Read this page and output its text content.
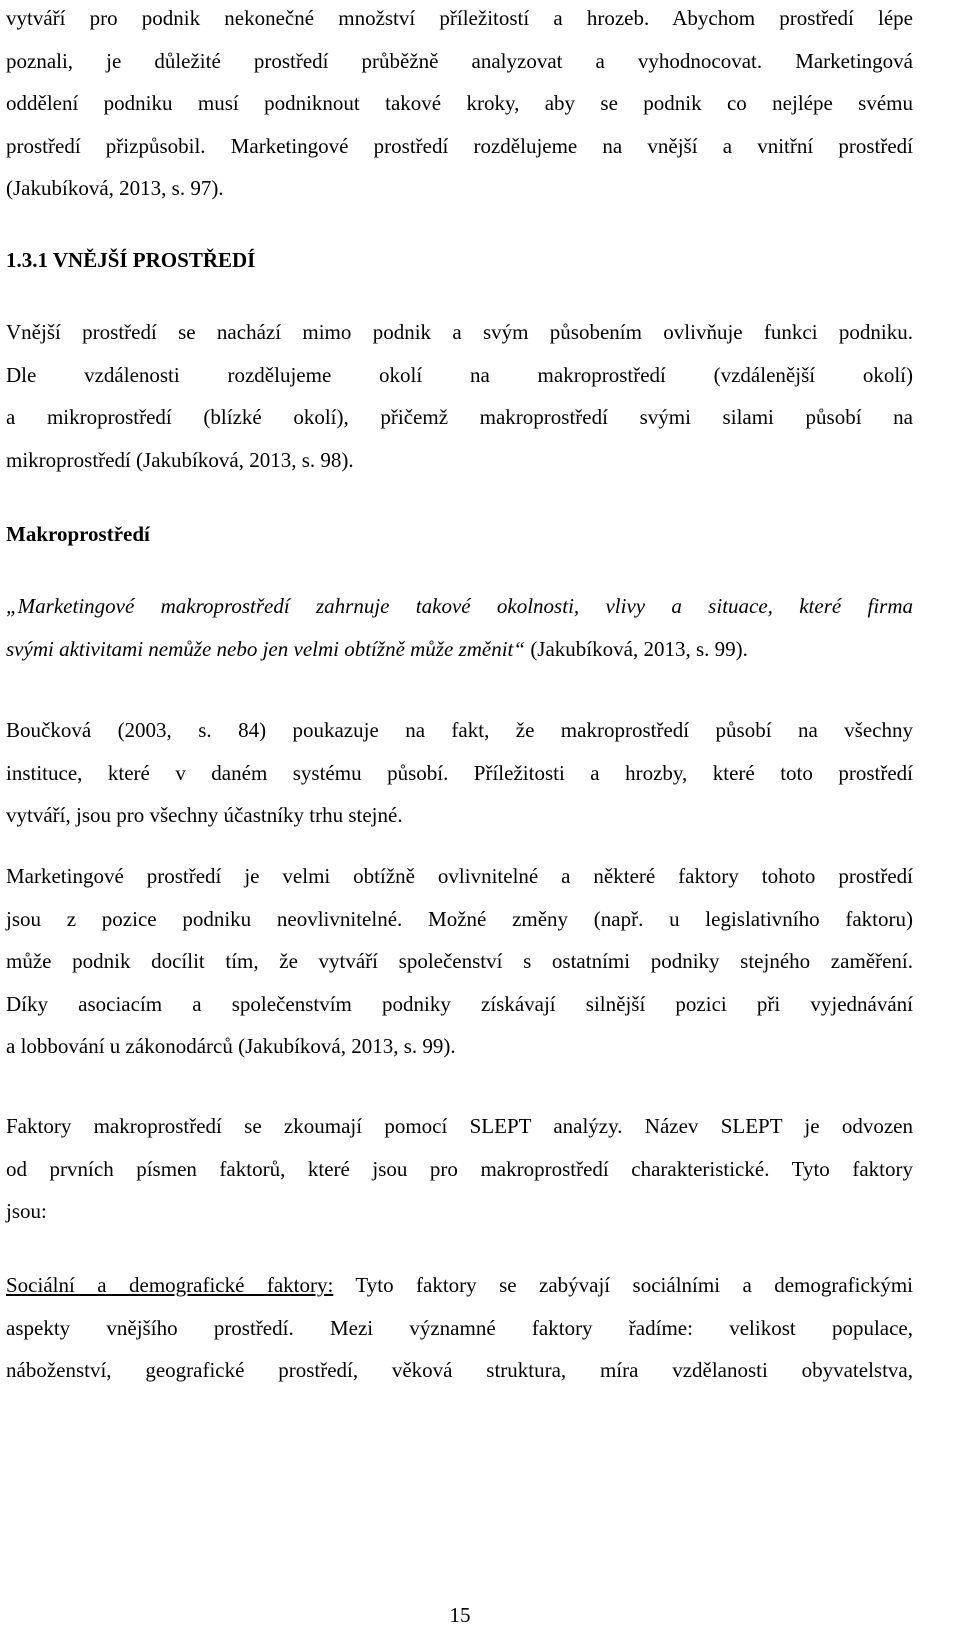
vytváří pro podnik nekonečné množství příležitostí a hrozeb. Abychom prostředí lépe
poznali, je důležité prostředí průběžně analyzovat a vyhodnocovat. Marketingová
oddělení podniku musí podniknout takové kroky, aby se podnik co nejlépe svému
prostředí přizpůsobil. Marketingové prostředí rozdělujeme na vnější a vnitřní prostředí
(Jakubíková, 2013, s. 97).
1.3.1 VNĚJŠÍ PROSTŘEDÍ
Vnější prostředí se nachází mimo podnik a svým působením ovlivňuje funkci podniku.
Dle vzdálenosti rozdělujeme okolí na makroprostředí (vzdálenější okolí)
a mikroprostředí (blízké okolí), přičemž makroprostředí svými silami působí na
mikroprostředí (Jakubíková, 2013, s. 98).
Makroprostředí
„Marketingové makroprostředí zahrnuje takové okolnosti, vlivy a situace, které firma
svými aktivitami nemůže nebo jen velmi obtížně může změnit“ (Jakubíková, 2013, s. 99).
Boučková (2003, s. 84) poukazuje na fakt, že makroprostředí působí na všechny
instituce, které v daném systému působí. Příležitosti a hrozby, které toto prostředí
vytváří, jsou pro všechny účastníky trhu stejné.
Marketingové prostředí je velmi obtížně ovlivnitelné a některé faktory tohoto prostředí
jsou z pozice podniku neovlivnitelné. Možné změny (např. u legislativního faktoru)
může podnik docílit tím, že vytváří společenství s ostatními podniky stejného zaměření.
Díky asociacím a společenstvím podniky získávají silnější pozici při vyjednávání
a lobbování u zákonodárců (Jakubíková, 2013, s. 99).
Faktory makroprostředí se zkoumají pomocí SLEPT analýzy. Název SLEPT je odvozen
od prvních písmen faktorů, které jsou pro makroprostředí charakteristické. Tyto faktory
jsou:
Sociální a demografické faktory: Tyto faktory se zabývají sociálními a demografickými
aspekty vnějšího prostředí. Mezi významné faktory řadíme: velikost populace,
náboženství, geografické prostředí, věková struktura, míra vzdělanosti obyvatelstva,
15
